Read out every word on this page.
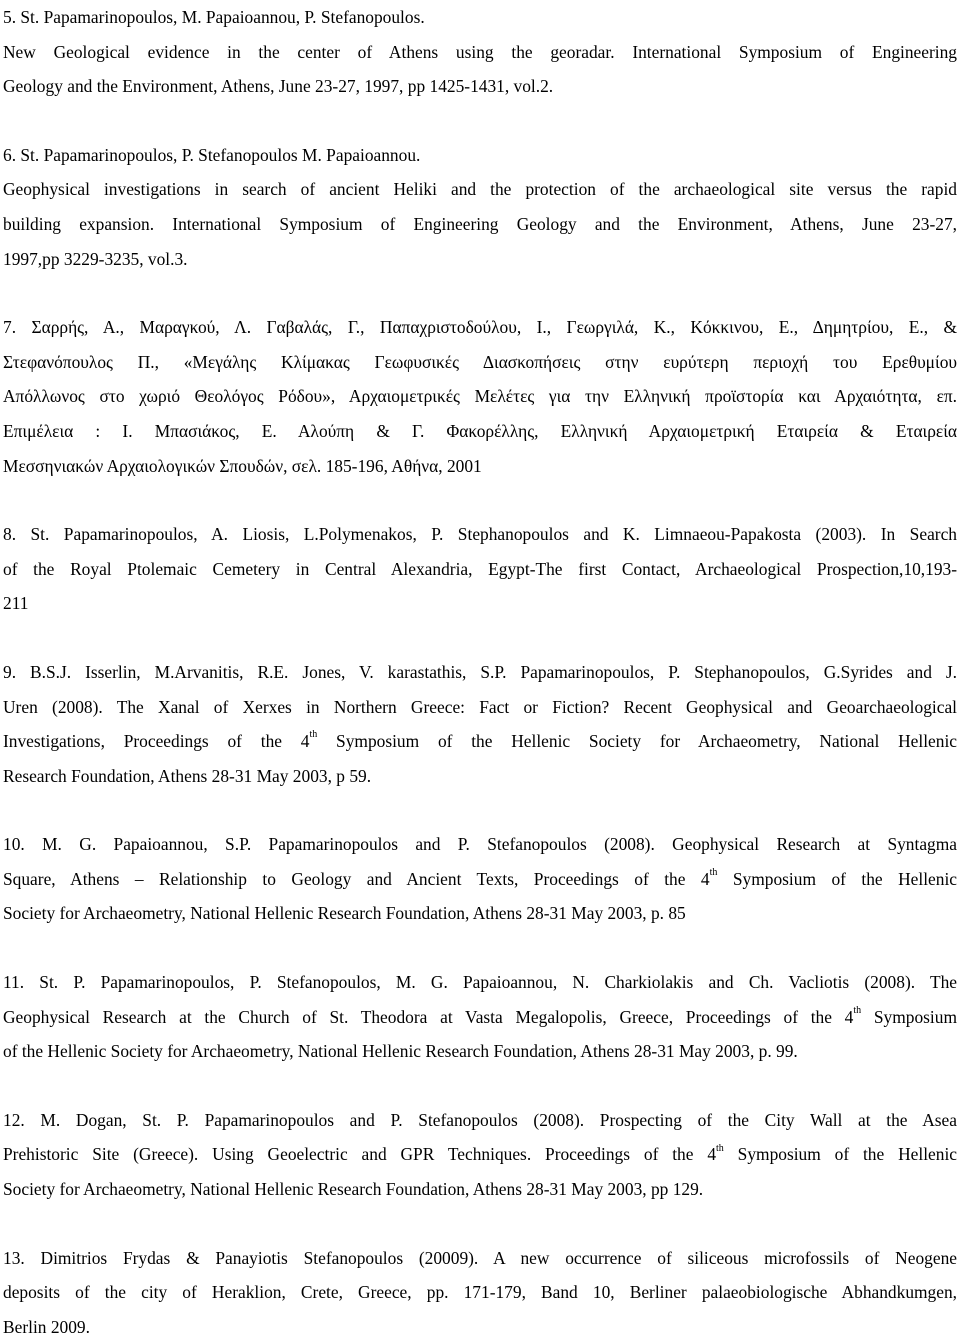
5. St. Papamarinopoulos, M. Papaioannou, P. Stefanopoulos.
New Geological evidence in the center of Athens using the georadar. International Symposium of Engineering
Geology and the Environment, Athens, June 23-27, 1997, pp 1425-1431, vol.2.
6. St. Papamarinopoulos, P. Stefanopoulos M. Papaioannou.
Geophysical investigations in search of ancient Heliki and the protection of the archaeological site versus the rapid
building expansion. International Symposium of Engineering Geology and the Environment, Athens, June 23-27,
1997,pp 3229-3235, vol.3.
7. Σαρρής, Α., Μαραγκού, Λ. Γαβαλάς, Γ., Παπαχριστοδούλου, Ι., Γεωργιλά, Κ., Κόκκινου, Ε., Δημητρίου, Ε., &
Στεφανόπουλος Π., «Μεγάλης Κλίμακας Γεωφυσικές Διασκοπήσεις στην ευρύτερη περιοχή του Ερεθυμίου
Απόλλωνος στο χωριό Θεολόγος Ρόδου», Αρχαιομετρικές Μελέτες για την Ελληνική προϊστορία και Αρχαιότητα, επ.
Επιμέλεια : Ι. Μπασιάκος, Ε. Αλούπη & Γ. Φακορέλλης, Ελληνική Αρχαιομετρική Εταιρεία & Εταιρεία
Μεσσηνιακών Αρχαιολογικών Σπουδών, σελ. 185-196, Αθήνα, 2001
8. St. Papamarinopoulos, A. Liosis, L.Polymenakos, P. Stephanopoulos and K. Limnaeou-Papakosta (2003). In Search
of the Royal Ptolemaic Cemetery in Central Alexandria, Egypt-The first Contact, Archaeological Prospection,10,193-
211
9. B.S.J. Isserlin, M.Arvanitis, R.E. Jones, V. karastathis, S.P. Papamarinopoulos, P. Stephanopoulos, G.Syrides and J.
Uren (2008). The Xanal of Xerxes in Northern Greece: Fact or Fiction? Recent Geophysical and Geoarchaeological
Investigations, Proceedings of the 4th Symposium of the Hellenic Society for Archaeometry, National Hellenic
Research Foundation, Athens 28-31 May 2003, p 59.
10. M. G. Papaioannou, S.P. Papamarinopoulos and P. Stefanopoulos (2008). Geophysical Research at Syntagma
Square, Athens – Relationship to Geology and Ancient Texts, Proceedings of the 4th Symposium of the Hellenic
Society for Archaeometry, National Hellenic Research Foundation, Athens 28-31 May 2003, p. 85
11. St. P. Papamarinopoulos, P. Stefanopoulos, M. G. Papaioannou, N. Charkiolakis and Ch. Vacliotis (2008). The
Geophysical Research at the Church of St. Theodora at Vasta Megalopolis, Greece, Proceedings of the 4th Symposium
of the Hellenic Society for Archaeometry, National Hellenic Research Foundation, Athens 28-31 May 2003, p. 99.
12. M. Dogan, St. P. Papamarinopoulos and P. Stefanopoulos (2008). Prospecting of the City Wall at the Asea
Prehistoric Site (Greece). Using Geoelectric and GPR Techniques. Proceedings of the 4th Symposium of the Hellenic
Society for Archaeometry, National Hellenic Research Foundation, Athens 28-31 May 2003, pp 129.
13. Dimitrios Frydas & Panayiotis Stefanopoulos (20009). A new occurrence of siliceous microfossils of Neogene
deposits of the city of Heraklion, Crete, Greece, pp. 171-179, Band 10, Berliner palaeobiologische Abhandkumgen,
Berlin 2009.
